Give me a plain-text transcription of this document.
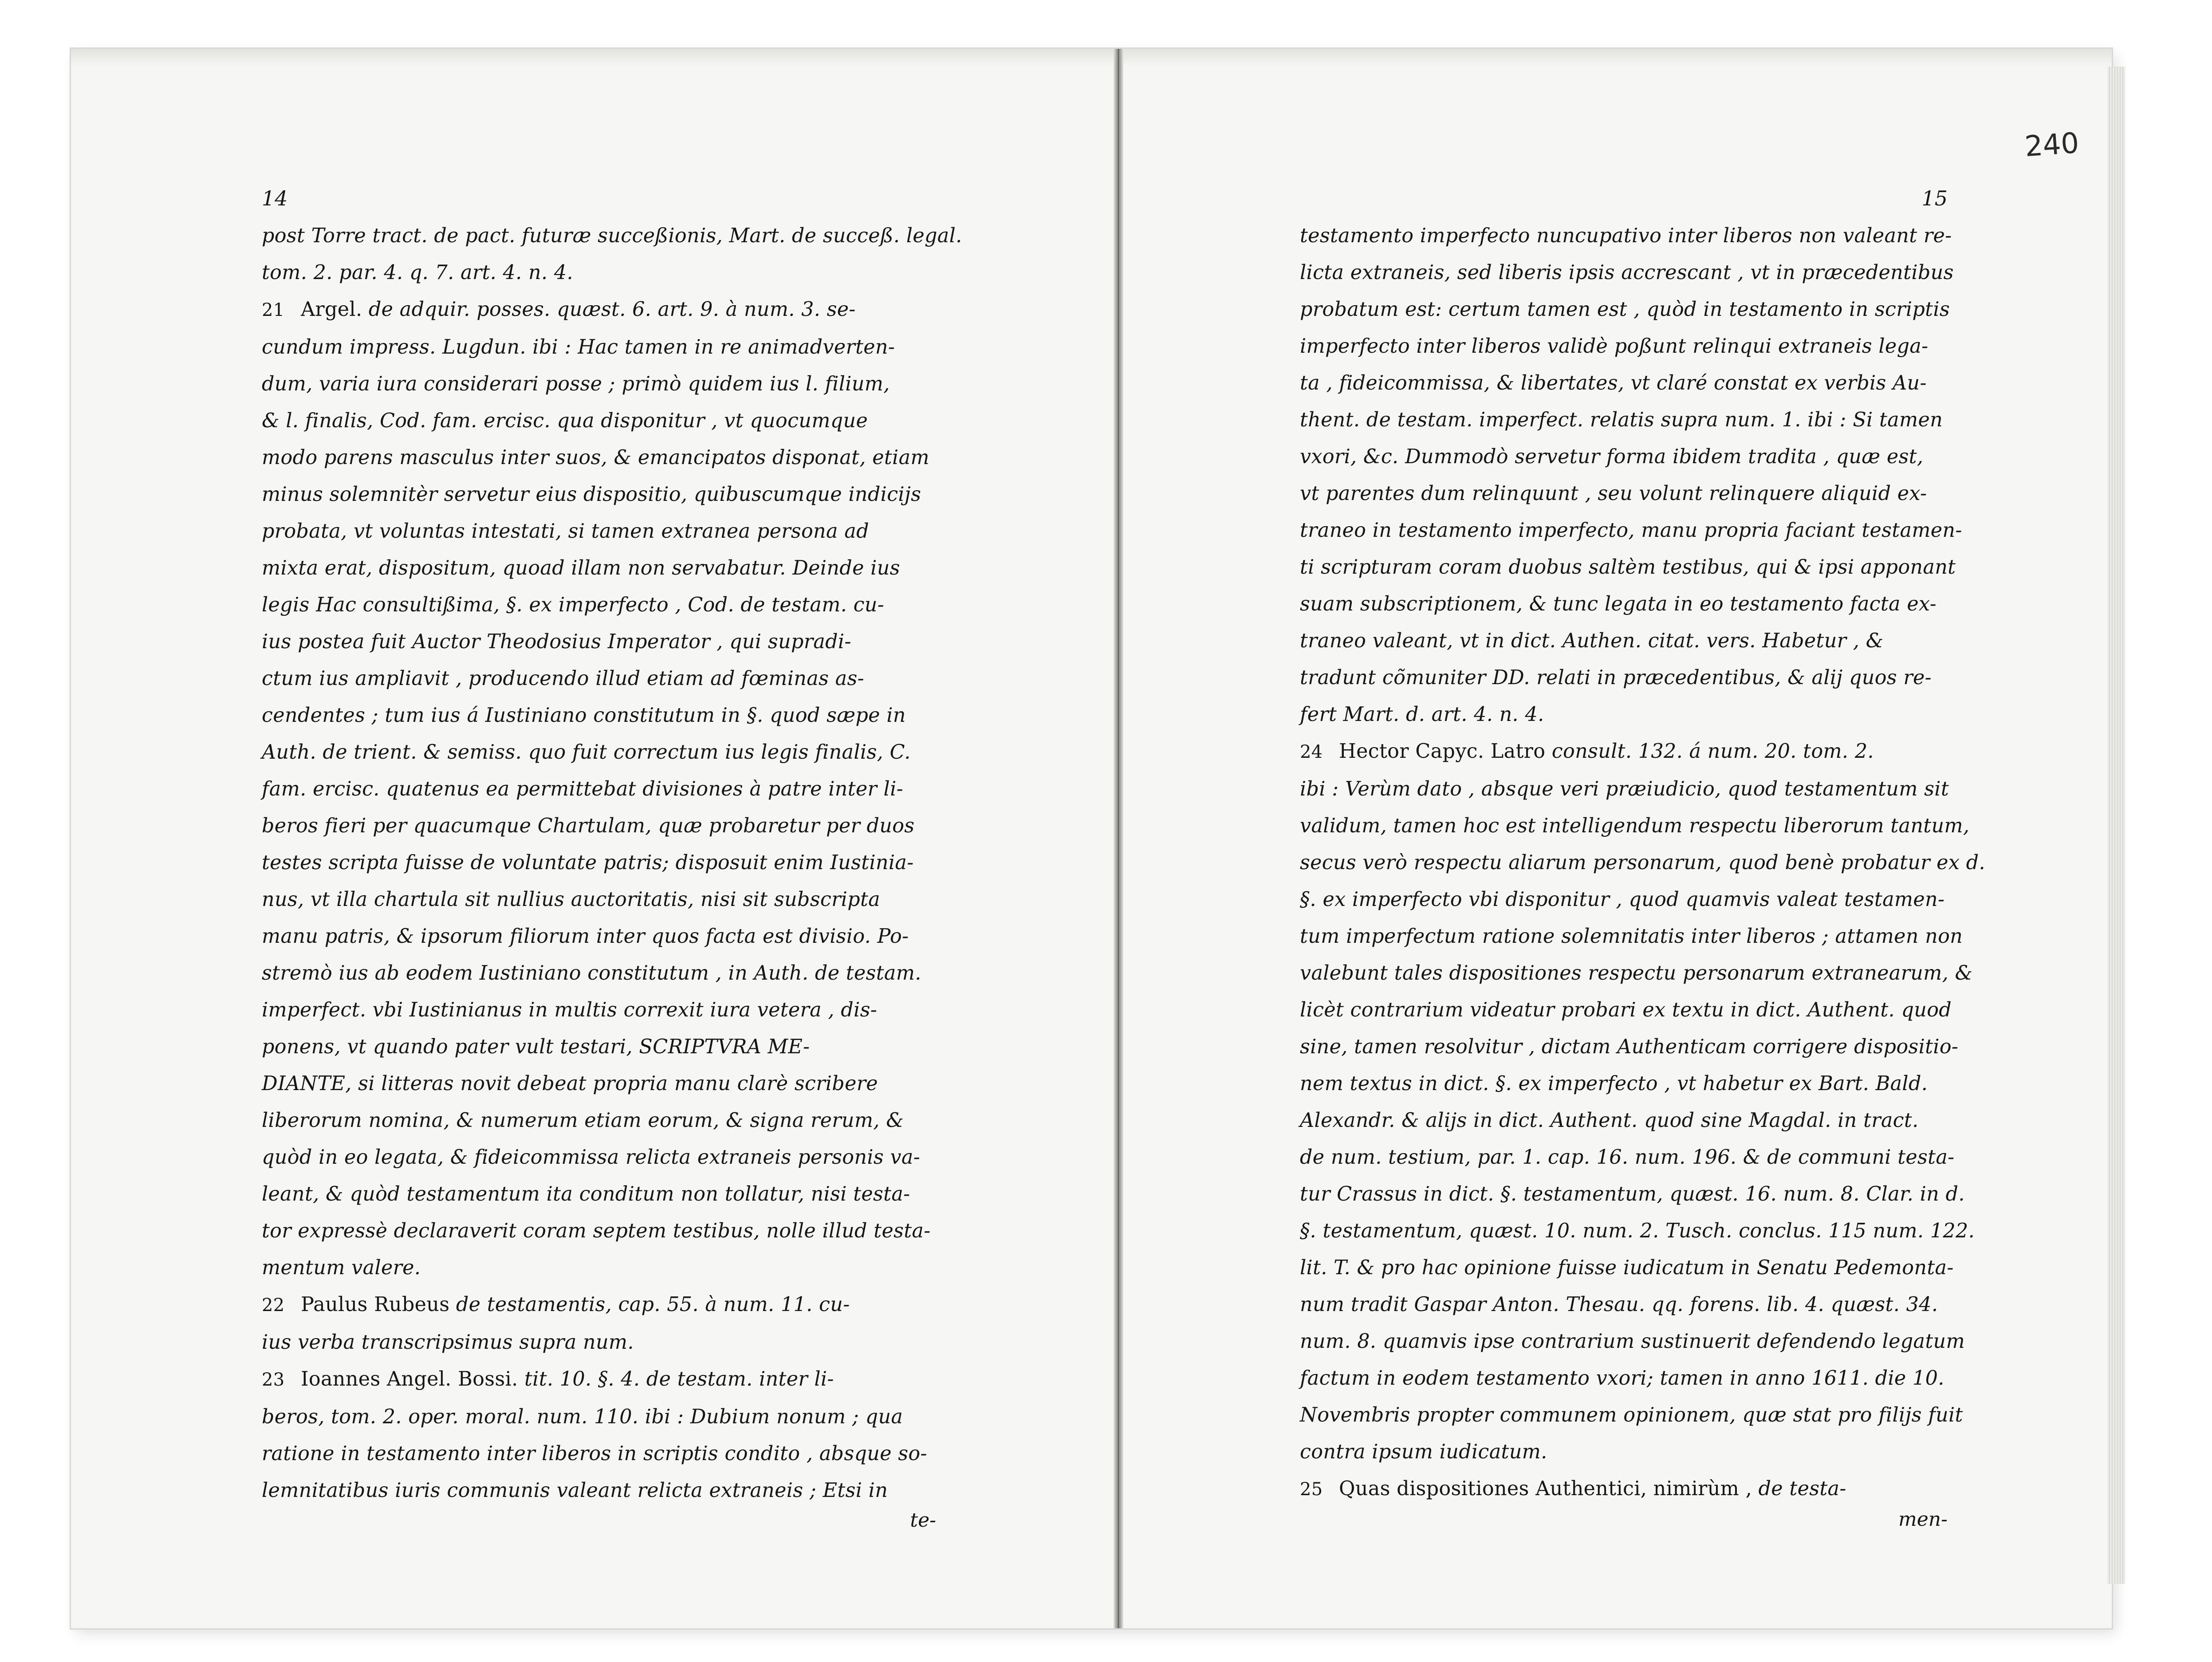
240
14
post Torre tract. de pact. futuræ succeßionis, Mart. de succeß. legal.
tom. 2. par. 4. q. 7. art. 4. n. 4.
21 Argel. de adquir. posses. quæst. 6. art. 9. à num. 3. se-
cundum impress. Lugdun. ibi : Hac tamen in re animadverten-
dum, varia iura considerari posse ; primò quidem ius l. filium,
& l. finalis, Cod. fam. ercisc. qua disponitur , vt quocumque
modo parens masculus inter suos, & emancipatos disponat, etiam
minus solemnitèr servetur eius dispositio, quibuscumque indicijs
probata, vt voluntas intestati, si tamen extranea persona ad
mixta erat, dispositum, quoad illam non servabatur. Deinde ius
legis Hac consultißima, §. ex imperfecto , Cod. de testam. cu-
ius postea fuit Auctor Theodosius Imperator , qui supradi-
ctum ius ampliavit , producendo illud etiam ad fœminas as-
cendentes ; tum ius á Iustiniano constitutum in §. quod sæpe in
Auth. de trient. & semiss. quo fuit correctum ius legis finalis, C.
fam. ercisc. quatenus ea permittebat divisiones à patre inter li-
beros fieri per quacumque Chartulam, quæ probaretur per duos
testes scripta fuisse de voluntate patris; disposuit enim Iustinia-
nus, vt illa chartula sit nullius auctoritatis, nisi sit subscripta
manu patris, & ipsorum filiorum inter quos facta est divisio. Po-
stremò ius ab eodem Iustiniano constitutum , in Auth. de testam.
imperfect. vbi Iustinianus in multis correxit iura vetera , dis-
ponens, vt quando pater vult testari, SCRIPTVRA ME-
DIANTE, si litteras novit debeat propria manu clarè scribere
liberorum nomina, & numerum etiam eorum, & signa rerum, &
quòd in eo legata, & fideicommissa relicta extraneis personis va-
leant, & quòd testamentum ita conditum non tollatur, nisi testa-
tor expressè declaraverit coram septem testibus, nolle illud testa-
mentum valere.
22 Paulus Rubeus de testamentis, cap. 55. à num. 11. cu-
ius verba transcripsimus supra num.
23 Ioannes Angel. Bossi. tit. 10. §. 4. de testam. inter li-
beros, tom. 2. oper. moral. num. 110. ibi : Dubium nonum ; qua
ratione in testamento inter liberos in scriptis condito , absque so-
lemnitatibus iuris communis valeant relicta extraneis ; Etsi in
te-
15
testamento imperfecto nuncupativo inter liberos non valeant re-
licta extraneis, sed liberis ipsis accrescant , vt in præcedentibus
probatum est: certum tamen est , quòd in testamento in scriptis
imperfecto inter liberos validè poßunt relinqui extraneis lega-
ta , fideicommissa, & libertates, vt claré constat ex verbis Au-
thent. de testam. imperfect. relatis supra num. 1. ibi : Si tamen
vxori, &c. Dummodò servetur forma ibidem tradita , quæ est,
vt parentes dum relinquunt , seu volunt relinquere aliquid ex-
traneo in testamento imperfecto, manu propria faciant testamen-
ti scripturam coram duobus saltèm testibus, qui & ipsi apponant
suam subscriptionem, & tunc legata in eo testamento facta ex-
traneo valeant, vt in dict. Authen. citat. vers. Habetur , &
tradunt cõmuniter DD. relati in præcedentibus, & alij quos re-
fert Mart. d. art. 4. n. 4.
24 Hector Capyc. Latro consult. 132. á num. 20. tom. 2.
ibi : Verùm dato , absque veri præiudicio, quod testamentum sit
validum, tamen hoc est intelligendum respectu liberorum tantum,
secus verò respectu aliarum personarum, quod benè probatur ex d.
§. ex imperfecto vbi disponitur , quod quamvis valeat testamen-
tum imperfectum ratione solemnitatis inter liberos ; attamen non
valebunt tales dispositiones respectu personarum extranearum, &
licèt contrarium videatur probari ex textu in dict. Authent. quod
sine, tamen resolvitur , dictam Authenticam corrigere dispositio-
nem textus in dict. §. ex imperfecto , vt habetur ex Bart. Bald.
Alexandr. & alijs in dict. Authent. quod sine Magdal. in tract.
de num. testium, par. 1. cap. 16. num. 196. & de communi testa-
tur Crassus in dict. §. testamentum, quæst. 16. num. 8. Clar. in d.
§. testamentum, quæst. 10. num. 2. Tusch. conclus. 115 num. 122.
lit. T. & pro hac opinione fuisse iudicatum in Senatu Pedemonta-
num tradit Gaspar Anton. Thesau. qq. forens. lib. 4. quæst. 34.
num. 8. quamvis ipse contrarium sustinuerit defendendo legatum
factum in eodem testamento vxori; tamen in anno 1611. die 10.
Novembris propter communem opinionem, quæ stat pro filijs fuit
contra ipsum iudicatum.
25 Quas dispositiones Authentici, nimirùm , de testa-
men-
